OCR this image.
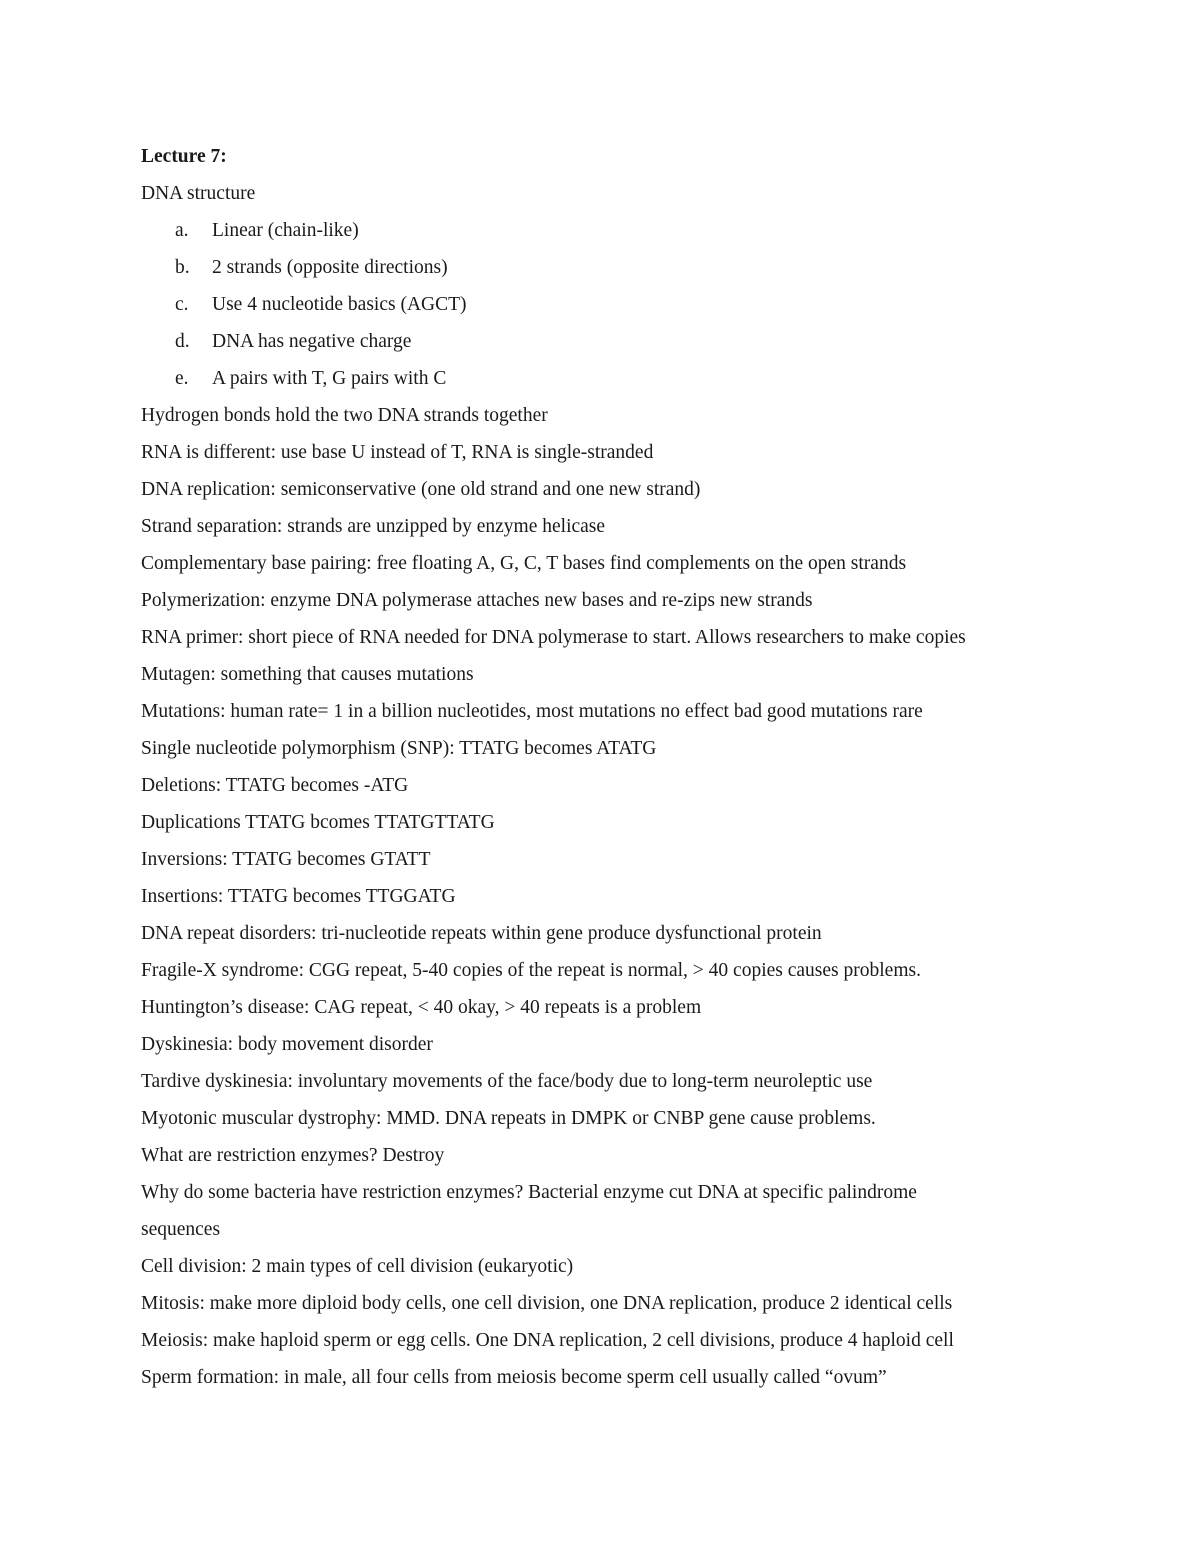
Lecture 7:
DNA structure
a.	Linear (chain-like)
b.	2 strands (opposite directions)
c.	Use 4 nucleotide basics (AGCT)
d.	DNA has negative charge
e.	A pairs with T, G pairs with C
Hydrogen bonds hold the two DNA strands together
RNA is different: use base U instead of T, RNA is single-stranded
DNA replication: semiconservative (one old strand and one new strand)
Strand separation: strands are unzipped by enzyme helicase
Complementary base pairing: free floating A, G, C, T bases find complements on the open strands
Polymerization: enzyme DNA polymerase attaches new bases and re-zips new strands
RNA primer: short piece of RNA needed for DNA polymerase to start. Allows researchers to make copies
Mutagen: something that causes mutations
Mutations: human rate= 1 in a billion nucleotides, most mutations no effect bad good mutations rare
Single nucleotide polymorphism (SNP): TTATG becomes ATATG
Deletions: TTATG becomes -ATG
Duplications TTATG bcomes TTATGTTATG
Inversions: TTATG becomes GTATT
Insertions: TTATG becomes TTGGATG
DNA repeat disorders: tri-nucleotide repeats within gene produce dysfunctional protein
Fragile-X syndrome: CGG repeat, 5-40 copies of the repeat is normal, > 40 copies causes problems.
Huntington’s disease: CAG repeat, < 40 okay, > 40 repeats is a problem
Dyskinesia: body movement disorder
Tardive dyskinesia: involuntary movements of the face/body due to long-term neuroleptic use
Myotonic muscular dystrophy: MMD. DNA repeats in DMPK or CNBP gene cause problems.
What are restriction enzymes? Destroy
Why do some bacteria have restriction enzymes? Bacterial enzyme cut DNA at specific palindrome
sequences
Cell division: 2 main types of cell division (eukaryotic)
Mitosis: make more diploid body cells, one cell division, one DNA replication, produce 2 identical cells
Meiosis: make haploid sperm or egg cells. One DNA replication, 2 cell divisions, produce 4 haploid cell
Sperm formation: in male, all four cells from meiosis become sperm cell usually called “ovum”
